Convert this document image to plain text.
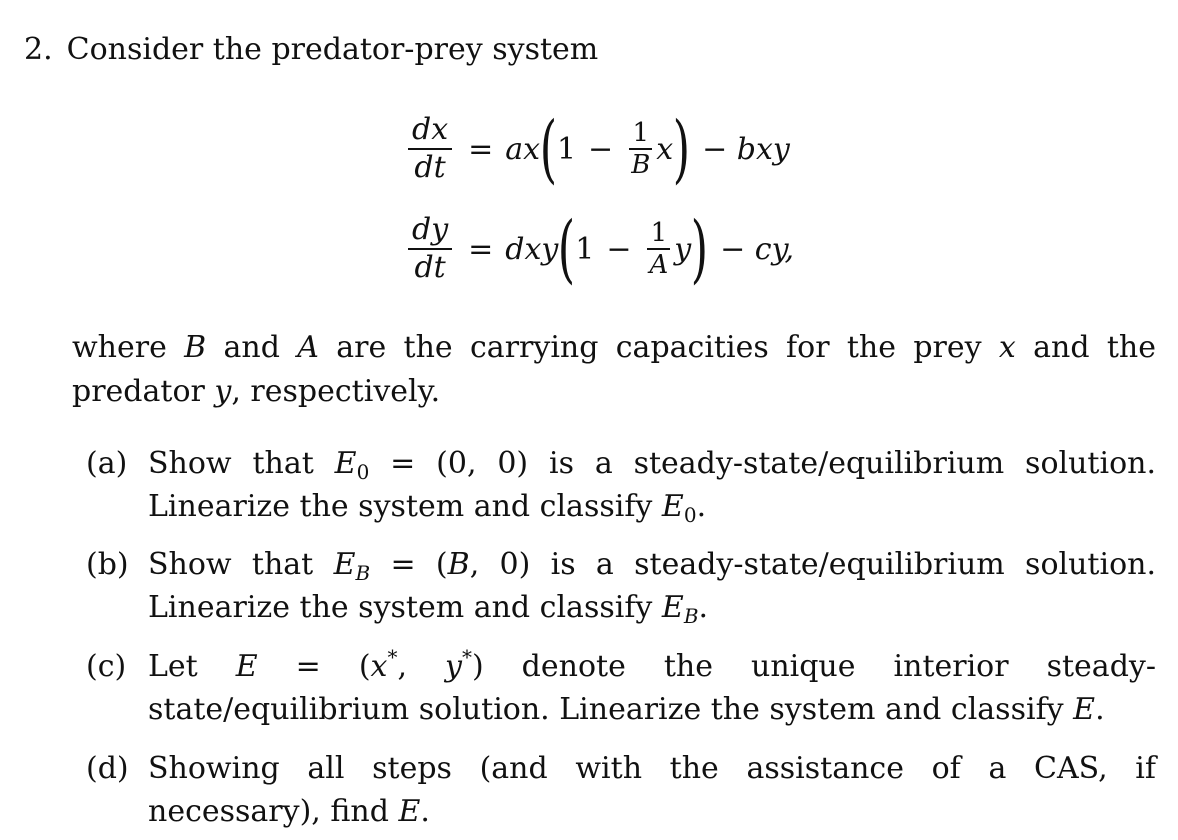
2. Consider the predator-prey system
$\frac{dx}{dt}$ = ax ( $1 - \frac{1}{B}$ x ) − bxy
$\frac{dy}{dt}$ = dxy ( $1 - \frac{1}{A}$ y ) − cy,
where B and A are the carrying capacities for the prey x and the predator y, respectively.
(a) Show that $E_0 = (0$, 0) is a steady-state/equilibrium solution. Linearize the system and classify $E_0$.
(b) Show that $E_B = (B$, 0) is a steady-state/equilibrium solution. Linearize the system and classify $E_B$.
(c) Let E = (x*, y*) denote the unique interior steady-state/equilibrium solution. Linearize the system and classify E.
(d) Showing all steps (and with the assistance of a CAS, if necessary), find E.
